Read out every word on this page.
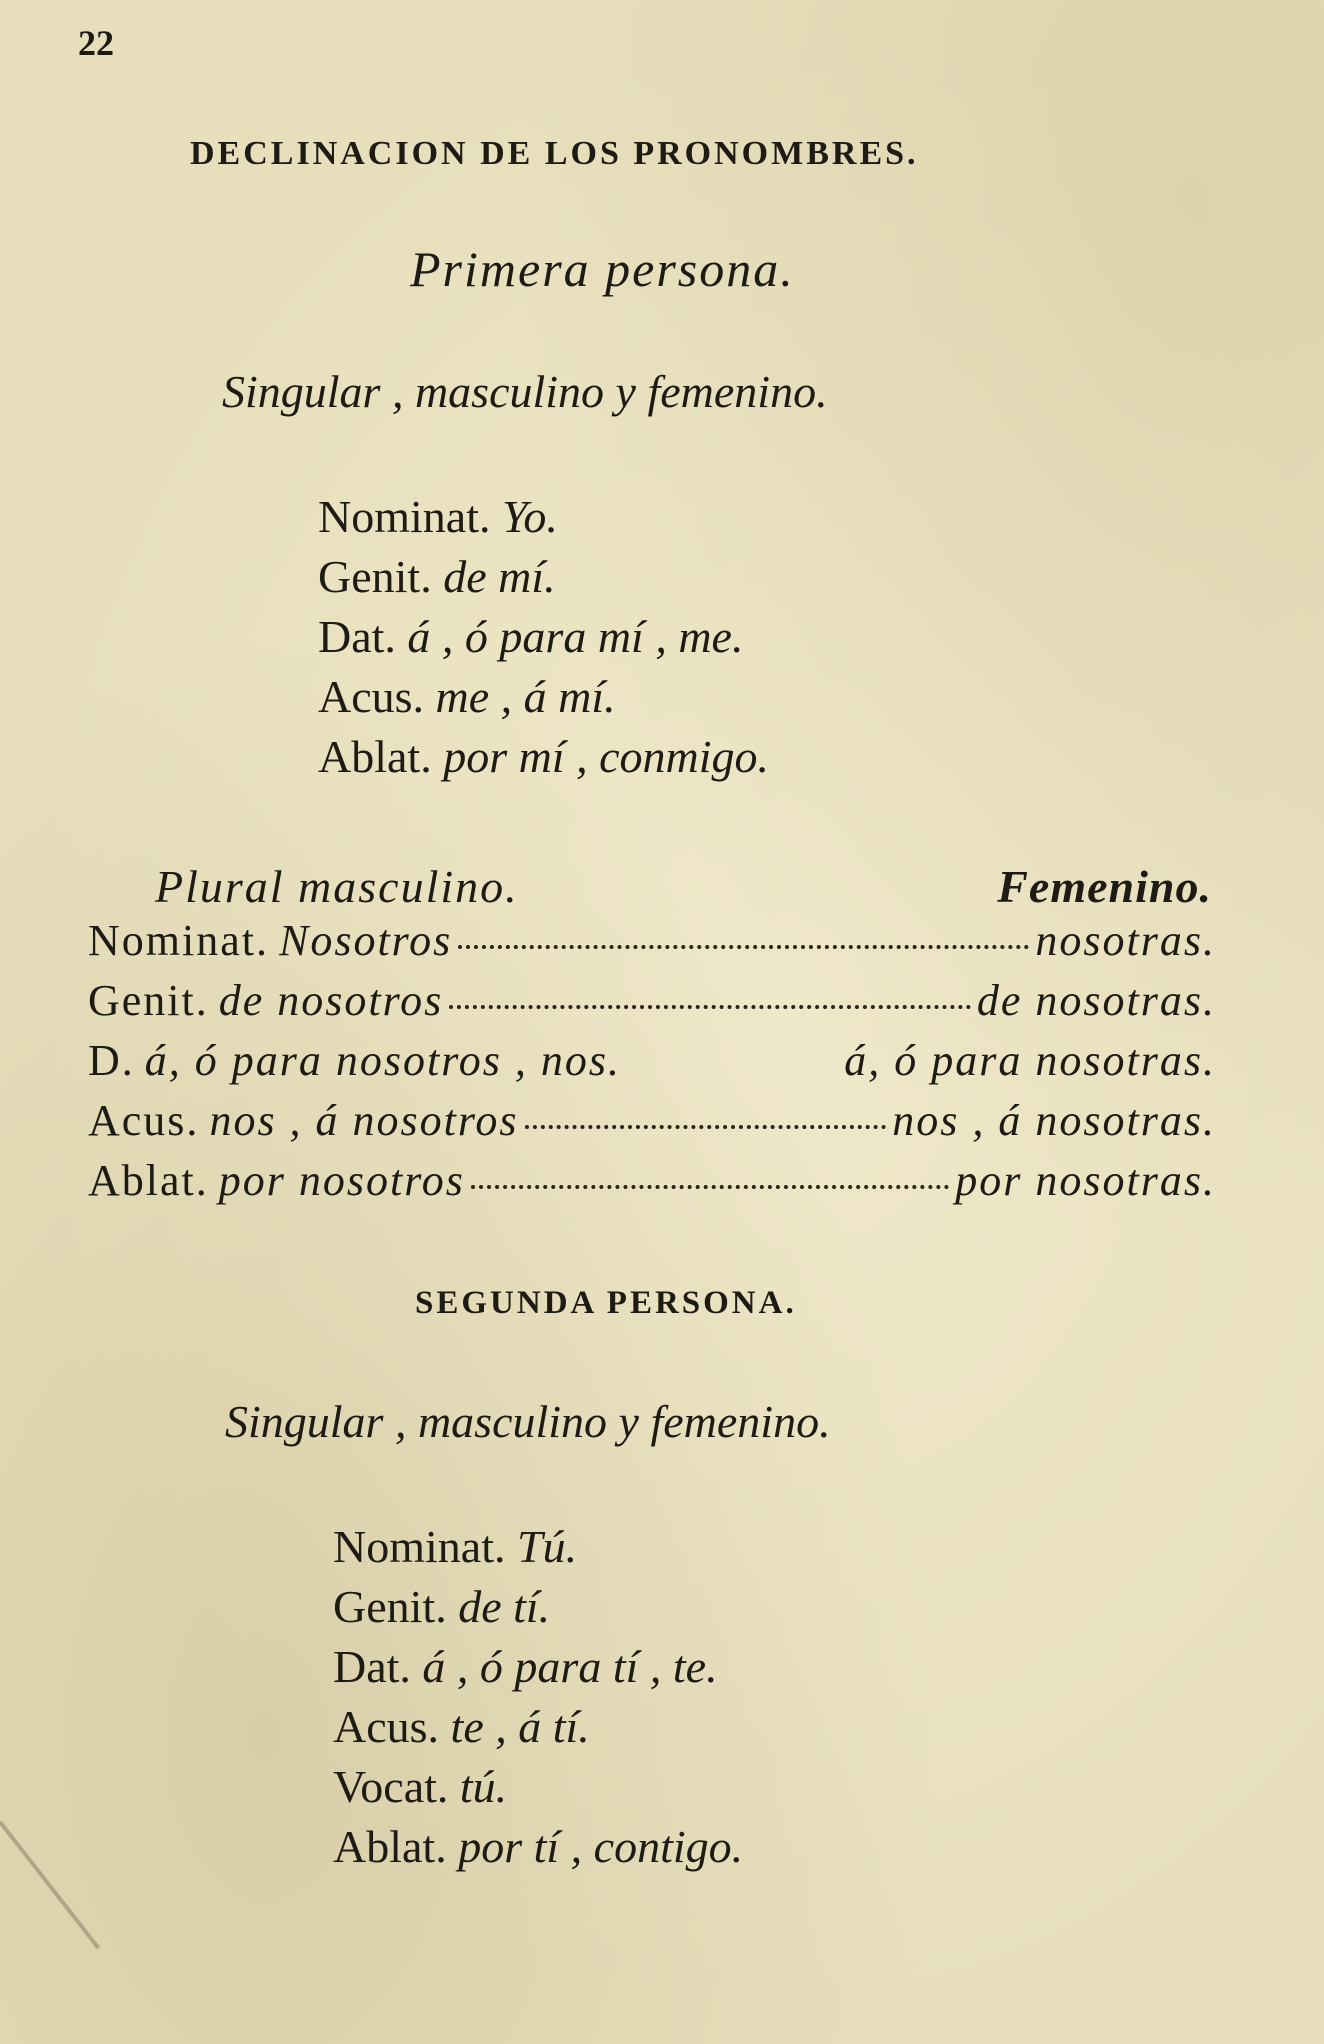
22

DECLINACION DE LOS PRONOMBRES.

Primera persona.

Singular , masculino y femenino.

Nominat. Yo.

Genit. de mí.

Dat. á , ó para mí , me.

Acus. me , á mí.

Ablat. por mí , conmigo.

Plural masculino.	Femenino.

Nominat. Nosotros	nosotras.
Genit. de nosotros	de nosotras.
D. á, ó para nosotros , nos.	á, ó para nosotras.
Acus. nos , á nosotros	nos , á nosotras.
Ablat. por nosotros	por nosotras.

SEGUNDA PERSONA.

Singular , masculino y femenino.

Nominat. Tú.

Genit. de tí.

Dat. á , ó para tí , te.

Acus. te , á tí.

Vocat. tú.

Ablat. por tí , contigo.
